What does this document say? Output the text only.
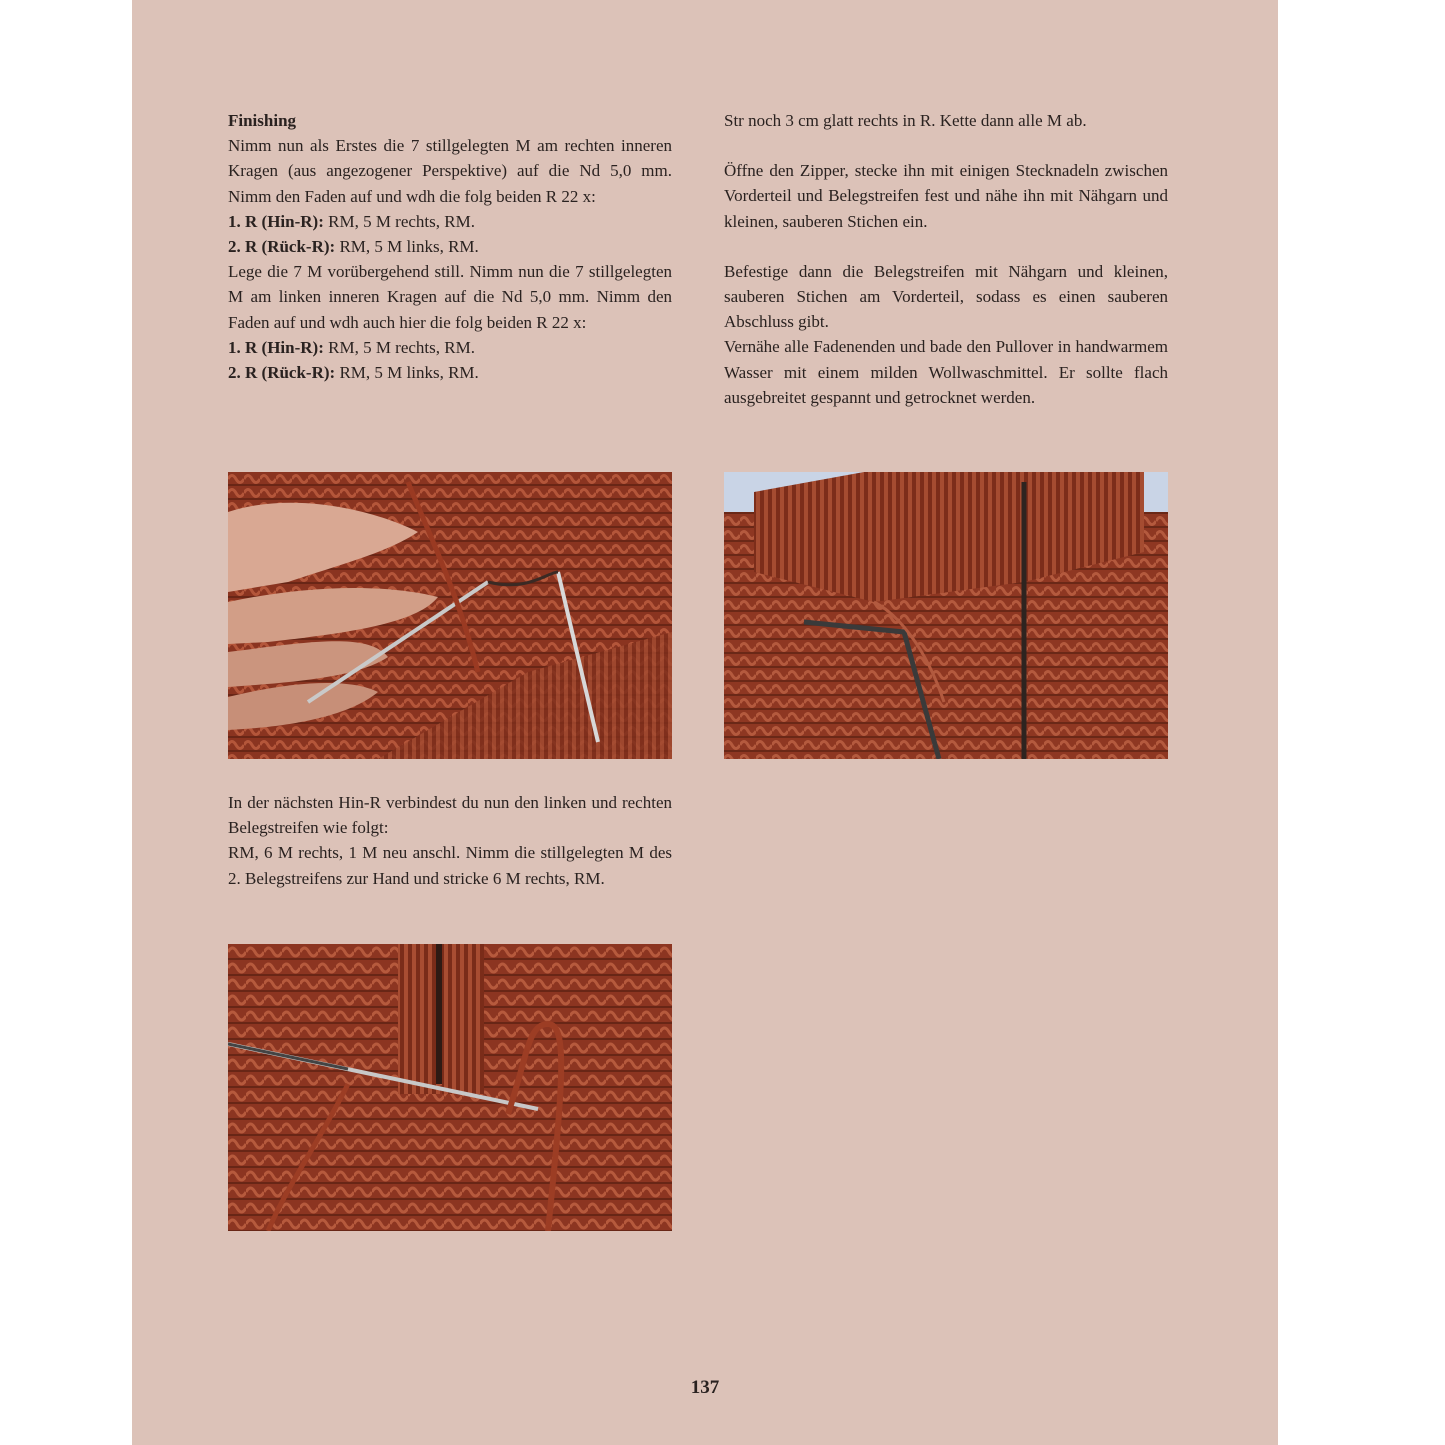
Finishing

Nimm nun als Erstes die 7 stillgelegten M am rechten inneren Kragen (aus angezogener Perspektive) auf die Nd 5,0 mm. Nimm den Faden auf und wdh die folg beiden R 22 x:

1. R (Hin-R): RM, 5 M rechts, RM.

2. R (Rück-R): RM, 5 M links, RM.

Lege die 7 M vorübergehend still. Nimm nun die 7 stillgelegten M am linken inneren Kragen auf die Nd 5,0 mm. Nimm den Faden auf und wdh auch hier die folg beiden R 22 x:

1. R (Hin-R): RM, 5 M rechts, RM.

2. R (Rück-R): RM, 5 M links, RM.

In der nächsten Hin-R verbindest du nun den linken und rechten Belegstreifen wie folgt:

RM, 6 M rechts, 1 M neu anschl. Nimm die stillgelegten M des 2. Belegstreifens zur Hand und stricke 6 M rechts, RM.

Str noch 3 cm glatt rechts in R. Kette dann alle M ab.

Öffne den Zipper, stecke ihn mit einigen Stecknadeln zwischen Vorderteil und Belegstreifen fest und nähe ihn mit Nähgarn und kleinen, sauberen Stichen ein.

Befestige dann die Belegstreifen mit Nähgarn und kleinen, sauberen Stichen am Vorderteil, sodass es einen sauberen Abschluss gibt.

Vernähe alle Fadenenden und bade den Pullover in handwarmem Wasser mit einem milden Wollwaschmittel. Er sollte flach ausgebreitet gespannt und getrocknet werden.

137
